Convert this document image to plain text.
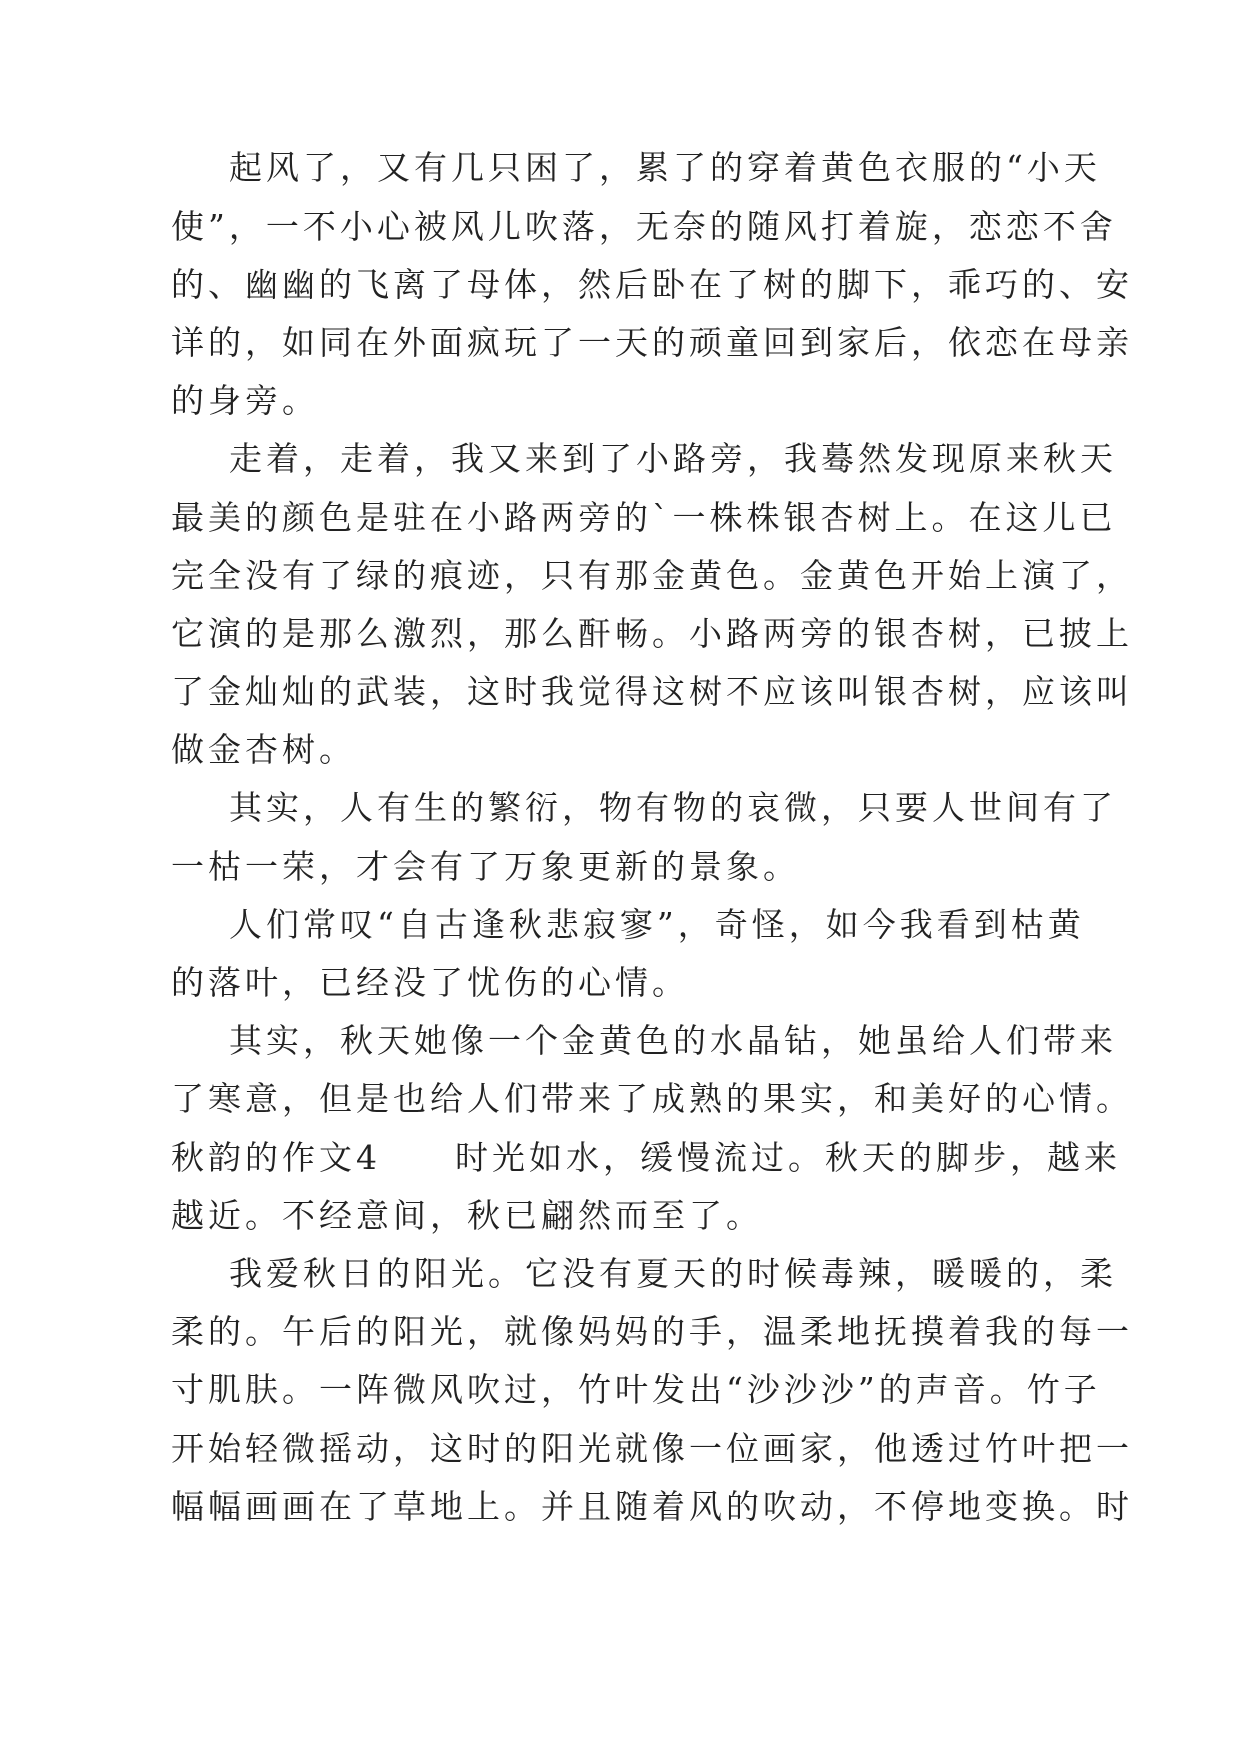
起风了，又有几只困了，累了的穿着黄色衣服的“小天
使”，一不小心被风儿吹落，无奈的随风打着旋，恋恋不舍
的、幽幽的飞离了母体，然后卧在了树的脚下，乖巧的、安
详的，如同在外面疯玩了一天的顽童回到家后，依恋在母亲
的身旁。
走着，走着，我又来到了小路旁，我蓦然发现原来秋天
最美的颜色是驻在小路两旁的`一株株银杏树上。在这儿已
完全没有了绿的痕迹，只有那金黄色。金黄色开始上演了，
它演的是那么激烈，那么酐畅。小路两旁的银杏树，已披上
了金灿灿的武装，这时我觉得这树不应该叫银杏树，应该叫
做金杏树。
其实，人有生的繁衍，物有物的哀微，只要人世间有了
一枯一荣，才会有了万象更新的景象。
人们常叹“自古逢秋悲寂寥”，奇怪，如今我看到枯黄
的落叶，已经没了忧伤的心情。
其实，秋天她像一个金黄色的水晶钻，她虽给人们带来
了寒意，但是也给人们带来了成熟的果实，和美好的心情。
秋韵的作文4　　时光如水，缓慢流过。秋天的脚步，越来
越近。不经意间，秋已翩然而至了。
我爱秋日的阳光。它没有夏天的时候毒辣，暖暖的，柔
柔的。午后的阳光，就像妈妈的手，温柔地抚摸着我的每一
寸肌肤。一阵微风吹过，竹叶发出“沙沙沙”的声音。竹子
开始轻微摇动，这时的阳光就像一位画家，他透过竹叶把一
幅幅画画在了草地上。并且随着风的吹动，不停地变换。时
